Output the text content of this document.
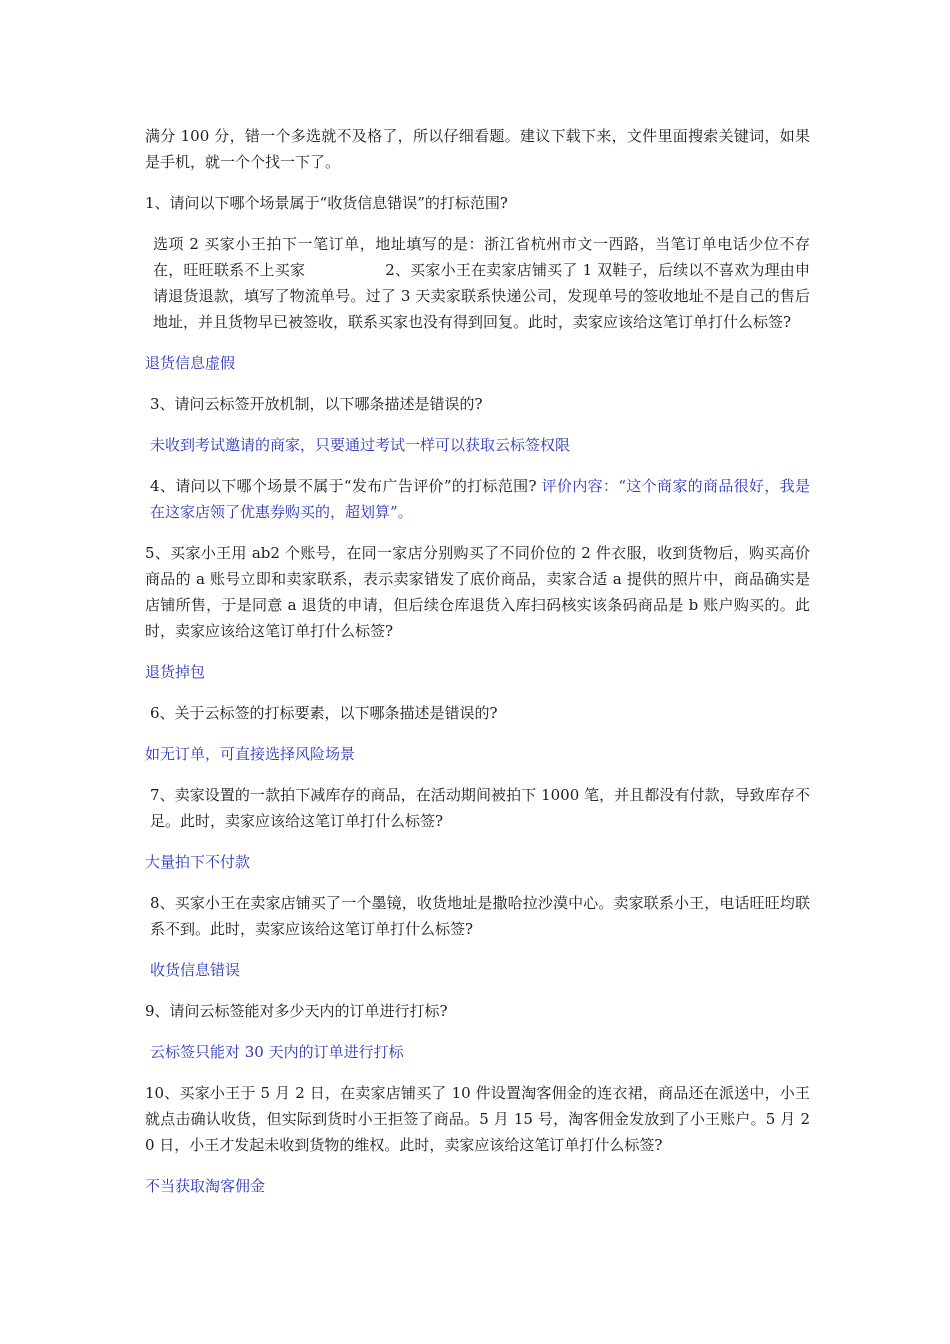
满分 100 分，错一个多选就不及格了，所以仔细看题。建议下载下来，文件里面搜索关键词，如果是手机，就一个个找一下了。

1、请问以下哪个场景属于“收货信息错误”的打标范围?

选项 2 买家小王拍下一笔订单，地址填写的是：浙江省杭州市文一西路，当笔订单电话少位不存在，旺旺联系不上买家	2、买家小王在卖家店铺买了 1 双鞋子，后续以不喜欢为理由申请退货退款，填写了物流单号。过了 3 天卖家联系快递公司，发现单号的签收地址不是自己的售后地址，并且货物早已被签收，联系买家也没有得到回复。此时，卖家应该给这笔订单打什么标签?

退货信息虚假

3、请问云标签开放机制，以下哪条描述是错误的?

未收到考试邀请的商家，只要通过考试一样可以获取云标签权限

4、请问以下哪个场景不属于“发布广告评价”的打标范围? 评价内容：“这个商家的商品很好，我是在这家店领了优惠券购买的，超划算”。

5、买家小王用 ab2 个账号，在同一家店分别购买了不同价位的 2 件衣服，收到货物后，购买高价商品的 a 账号立即和卖家联系，表示卖家错发了底价商品，卖家合适 a 提供的照片中，商品确实是店铺所售，于是同意 a 退货的申请，但后续仓库退货入库扫码核实该条码商品是 b 账户购买的。此时，卖家应该给这笔订单打什么标签?

退货掉包

6、关于云标签的打标要素，以下哪条描述是错误的?

如无订单，可直接选择风险场景

7、卖家设置的一款拍下减库存的商品，在活动期间被拍下 1000 笔，并且都没有付款，导致库存不足。此时，卖家应该给这笔订单打什么标签?

大量拍下不付款

8、买家小王在卖家店铺买了一个墨镜，收货地址是撒哈拉沙漠中心。卖家联系小王，电话旺旺均联系不到。此时，卖家应该给这笔订单打什么标签?

收货信息错误

9、请问云标签能对多少天内的订单进行打标?

云标签只能对 30 天内的订单进行打标

10、买家小王于 5 月 2 日，在卖家店铺买了 10 件设置淘客佣金的连衣裙，商品还在派送中，小王就点击确认收货，但实际到货时小王拒签了商品。5 月 15 号，淘客佣金发放到了小王账户。5 月 20 日，小王才发起未收到货物的维权。此时，卖家应该给这笔订单打什么标签?

不当获取淘客佣金
